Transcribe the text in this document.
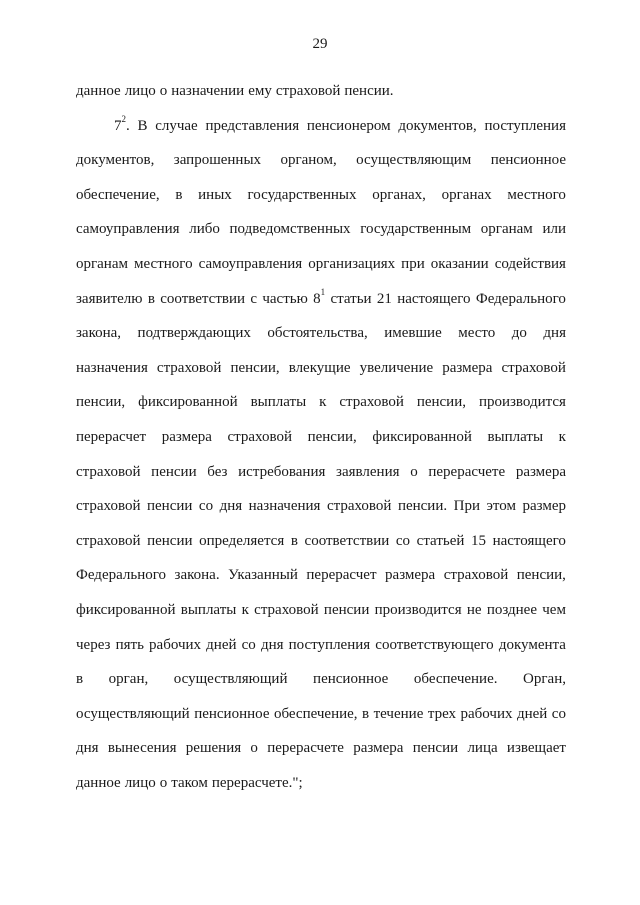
29
данное лицо о назначении ему страховой пенсии.
$7^2$. В случае представления пенсионером документов, поступления
документов, запрошенных органом, осуществляющим пенсионное
обеспечение, в иных государственных органах, органах местного
самоуправления либо подведомственных государственным органам или
органам местного самоуправления организациях при оказании содействия
заявителю в соответствии с частью $8^1$ статьи 21 настоящего Федерального
закона, подтверждающих обстоятельства, имевшие место до дня
назначения страховой пенсии, влекущие увеличение размера страховой
пенсии, фиксированной выплаты к страховой пенсии, производится
перерасчет размера страховой пенсии, фиксированной выплаты к
страховой пенсии без истребования заявления о перерасчете размера
страховой пенсии со дня назначения страховой пенсии. При этом размер
страховой пенсии определяется в соответствии со статьей 15 настоящего
Федерального закона. Указанный перерасчет размера страховой пенсии,
фиксированной выплаты к страховой пенсии производится не позднее чем
через пять рабочих дней со дня поступления соответствующего документа
в орган, осуществляющий пенсионное обеспечение. Орган,
осуществляющий пенсионное обеспечение, в течение трех рабочих дней со
дня вынесения решения о перерасчете размера пенсии лица извещает
данное лицо о таком перерасчете.";
